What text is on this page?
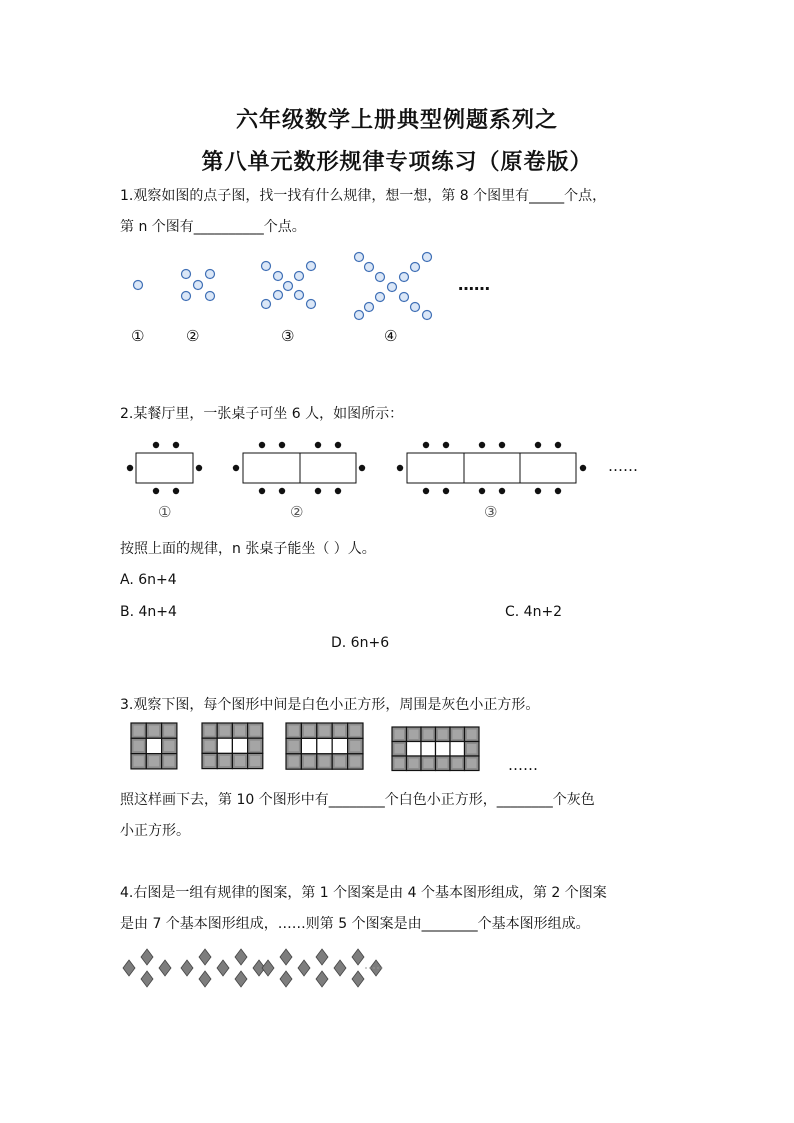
六年级数学上册典型例题系列之
第八单元数形规律专项练习（原卷版）
1.观察如图的点子图，找一找有什么规律，想一想，第 8 个图里有_____个点，
第 n 个图有__________个点。
……
①	②	③	④
2.某餐厅里，一张桌子可坐 6 人，如图所示：
……
①	②	③
按照上面的规律，n 张桌子能坐（ ）人。
A. 6n+4
B. 4n+4	C. 4n+2
D. 6n+6
3.观察下图，每个图形中间是白色小正方形，周围是灰色小正方形。
……
照这样画下去，第 10 个图形中有________个白色小正方形，________个灰色
小正方形。
4.右图是一组有规律的图案，第 1 个图案是由 4 个基本图形组成，第 2 个图案
是由 7 个基本图形组成，……则第 5 个图案是由________个基本图形组成。
